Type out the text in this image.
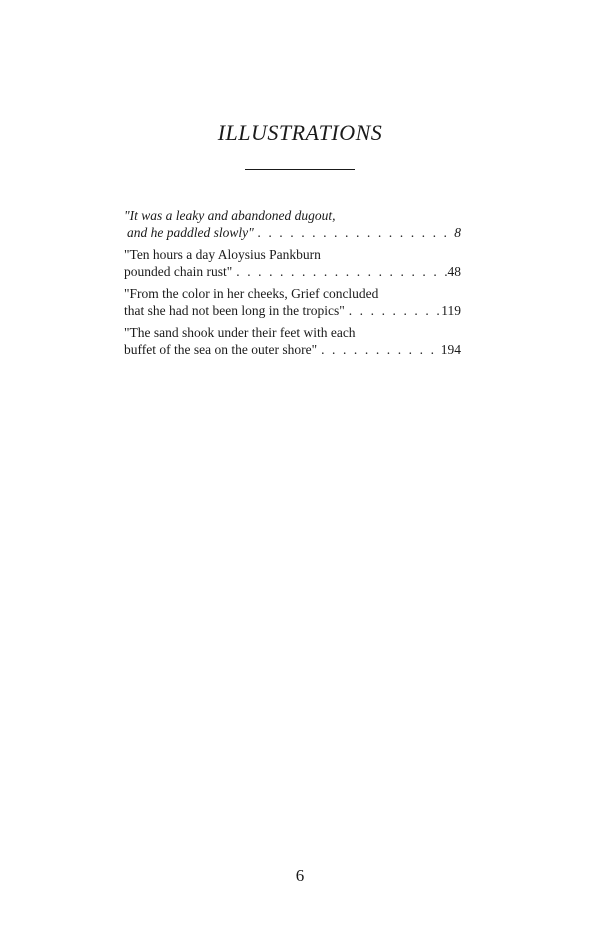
ILLUSTRATIONS
"It was a leaky and abandoned dugout,
and he paddled slowly" . . .	8
"Ten hours a day Aloysius Pankburn
pounded chain rust" . . .	48
"From the color in her cheeks, Grief concluded
that she had not been long in the tropics" . . .	119
"The sand shook under their feet with each
buffet of the sea on the outer shore" . . .	194
6
